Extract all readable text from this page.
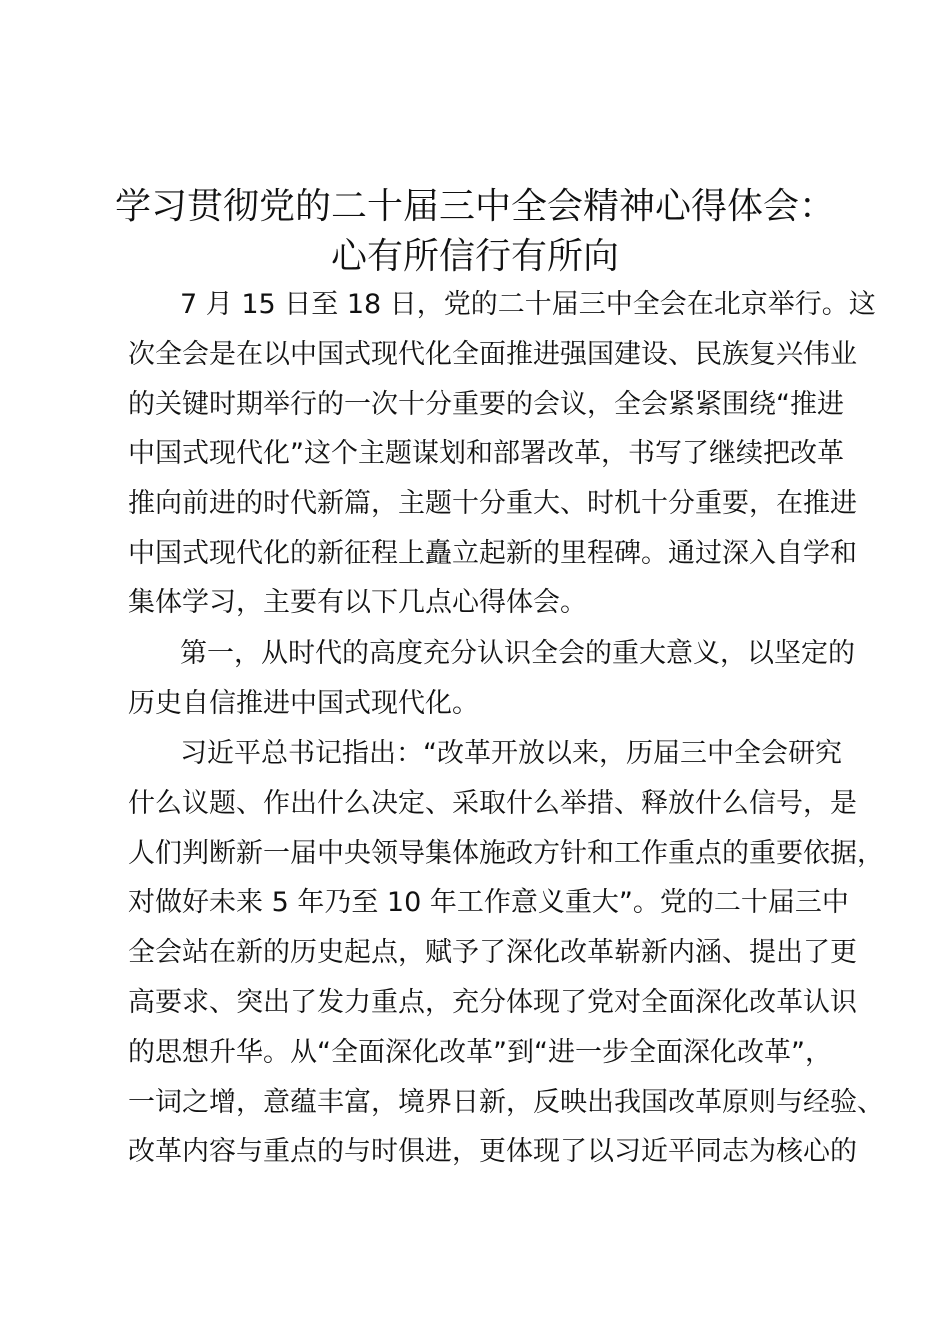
学习贯彻党的二十届三中全会精神心得体会：
心有所信行有所向

7 月 15 日至 18 日，党的二十届三中全会在北京举行。这

次全会是在以中国式现代化全面推进强国建设、民族复兴伟业

的关键时期举行的一次十分重要的会议，全会紧紧围绕“推进

中国式现代化”这个主题谋划和部署改革，书写了继续把改革

推向前进的时代新篇，主题十分重大、时机十分重要，在推进

中国式现代化的新征程上矗立起新的里程碑。通过深入自学和

集体学习，主要有以下几点心得体会。

第一，从时代的高度充分认识全会的重大意义，以坚定的

历史自信推进中国式现代化。

习近平总书记指出：“改革开放以来，历届三中全会研究

什么议题、作出什么决定、采取什么举措、释放什么信号，是

人们判断新一届中央领导集体施政方针和工作重点的重要依据，

对做好未来 5 年乃至 10 年工作意义重大”。党的二十届三中

全会站在新的历史起点，赋予了深化改革崭新内涵、提出了更

高要求、突出了发力重点，充分体现了党对全面深化改革认识

的思想升华。从“全面深化改革”到“进一步全面深化改革”，

一词之增，意蕴丰富，境界日新，反映出我国改革原则与经验、

改革内容与重点的与时俱进，更体现了以习近平同志为核心的
